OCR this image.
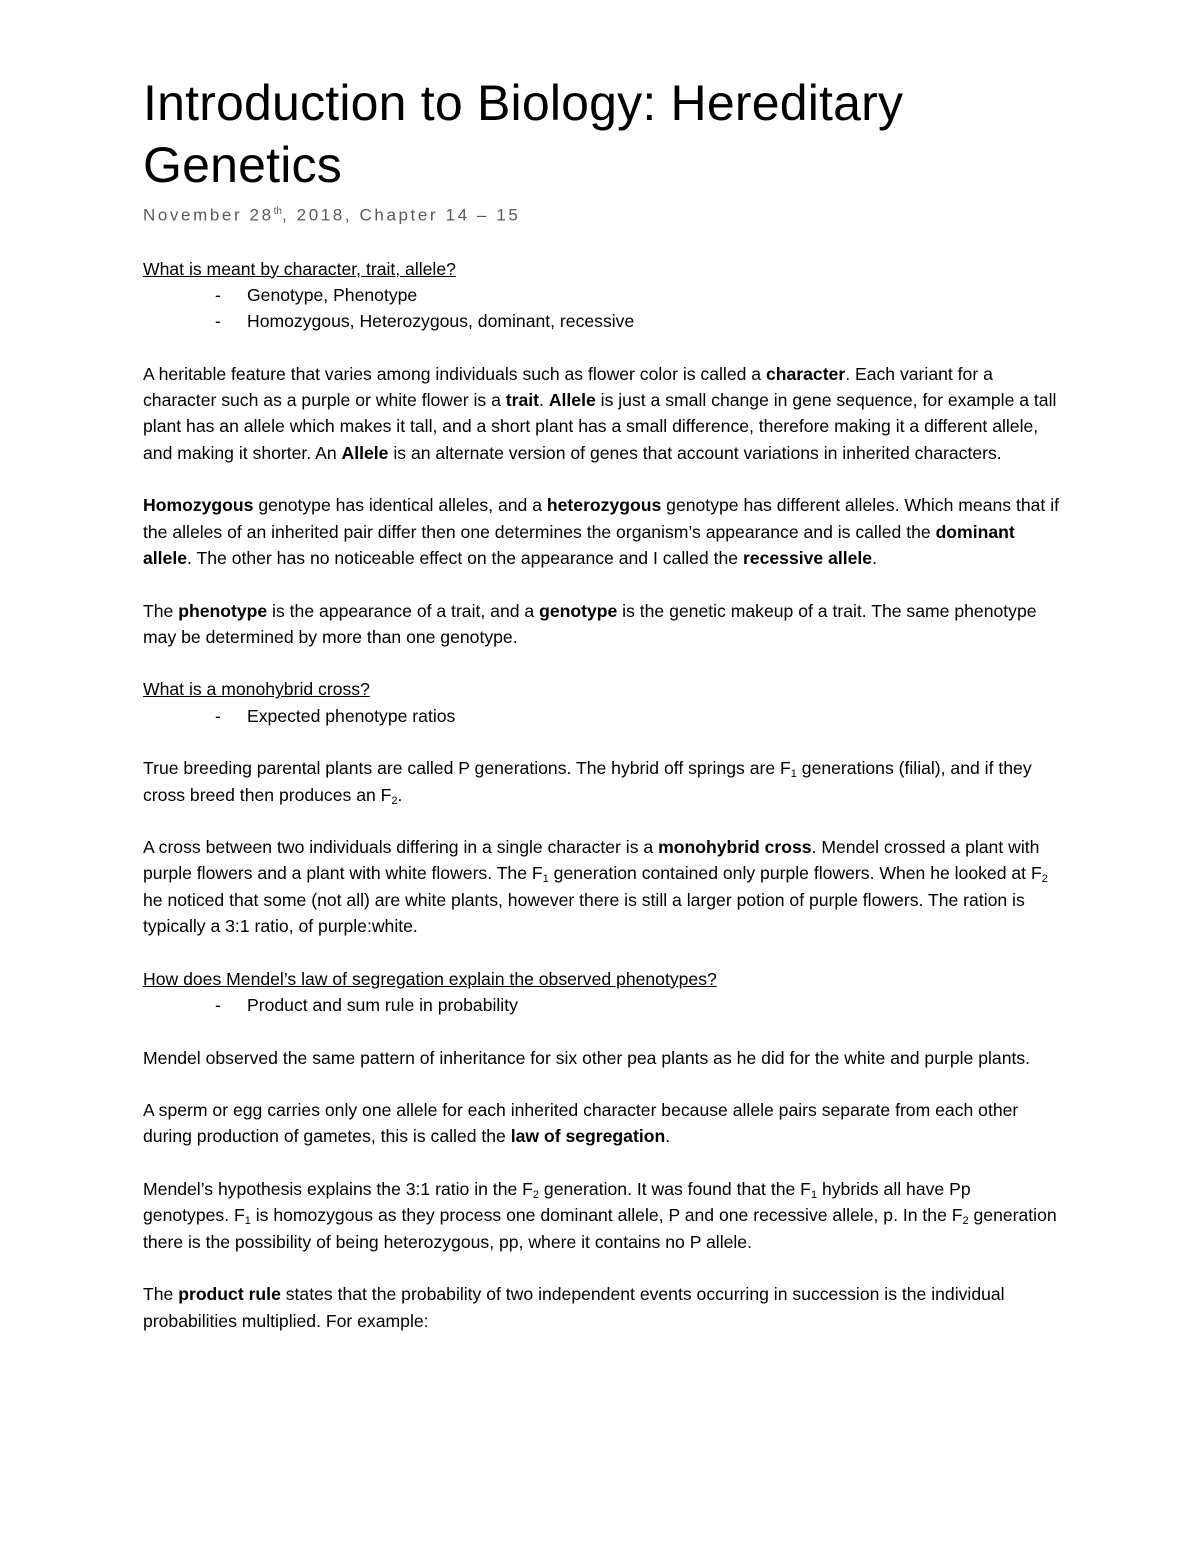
Introduction to Biology: Hereditary
Genetics
November 28th, 2018, Chapter 14 – 15

What is meant by character, trait, allele?

- Genotype, Phenotype
- Homozygous, Heterozygous, dominant, recessive

A heritable feature that varies among individuals such as flower color is called a character. Each variant for a character such as a purple or white flower is a trait. Allele is just a small change in gene sequence, for example a tall plant has an allele which makes it tall, and a short plant has a small difference, therefore making it a different allele, and making it shorter. An Allele is an alternate version of genes that account variations in inherited characters.

Homozygous genotype has identical alleles, and a heterozygous genotype has different alleles. Which means that if the alleles of an inherited pair differ then one determines the organism’s appearance and is called the dominant allele. The other has no noticeable effect on the appearance and I called the recessive allele.

The phenotype is the appearance of a trait, and a genotype is the genetic makeup of a trait. The same phenotype may be determined by more than one genotype.

What is a monohybrid cross?

- Expected phenotype ratios

True breeding parental plants are called P generations. The hybrid off springs are $F_1$ generations (filial), and if they cross breed then produces an $F_2$.

A cross between two individuals differing in a single character is a monohybrid cross. Mendel crossed a plant with purple flowers and a plant with white flowers. The $F_1$ generation contained only purple flowers. When he looked at $F_2$ he noticed that some (not all) are white plants, however there is still a larger potion of purple flowers. The ration is typically a 3:1 ratio, of purple:white.

How does Mendel’s law of segregation explain the observed phenotypes?

- Product and sum rule in probability

Mendel observed the same pattern of inheritance for six other pea plants as he did for the white and purple plants.

A sperm or egg carries only one allele for each inherited character because allele pairs separate from each other during production of gametes, this is called the law of segregation.

Mendel’s hypothesis explains the 3:1 ratio in the $F_2$ generation. It was found that the $F_1$ hybrids all have Pp genotypes. $F_1$ is homozygous as they process one dominant allele, P and one recessive allele, p. In the $F_2$ generation there is the possibility of being heterozygous, pp, where it contains no P allele.

The product rule states that the probability of two independent events occurring in succession is the individual probabilities multiplied. For example:
